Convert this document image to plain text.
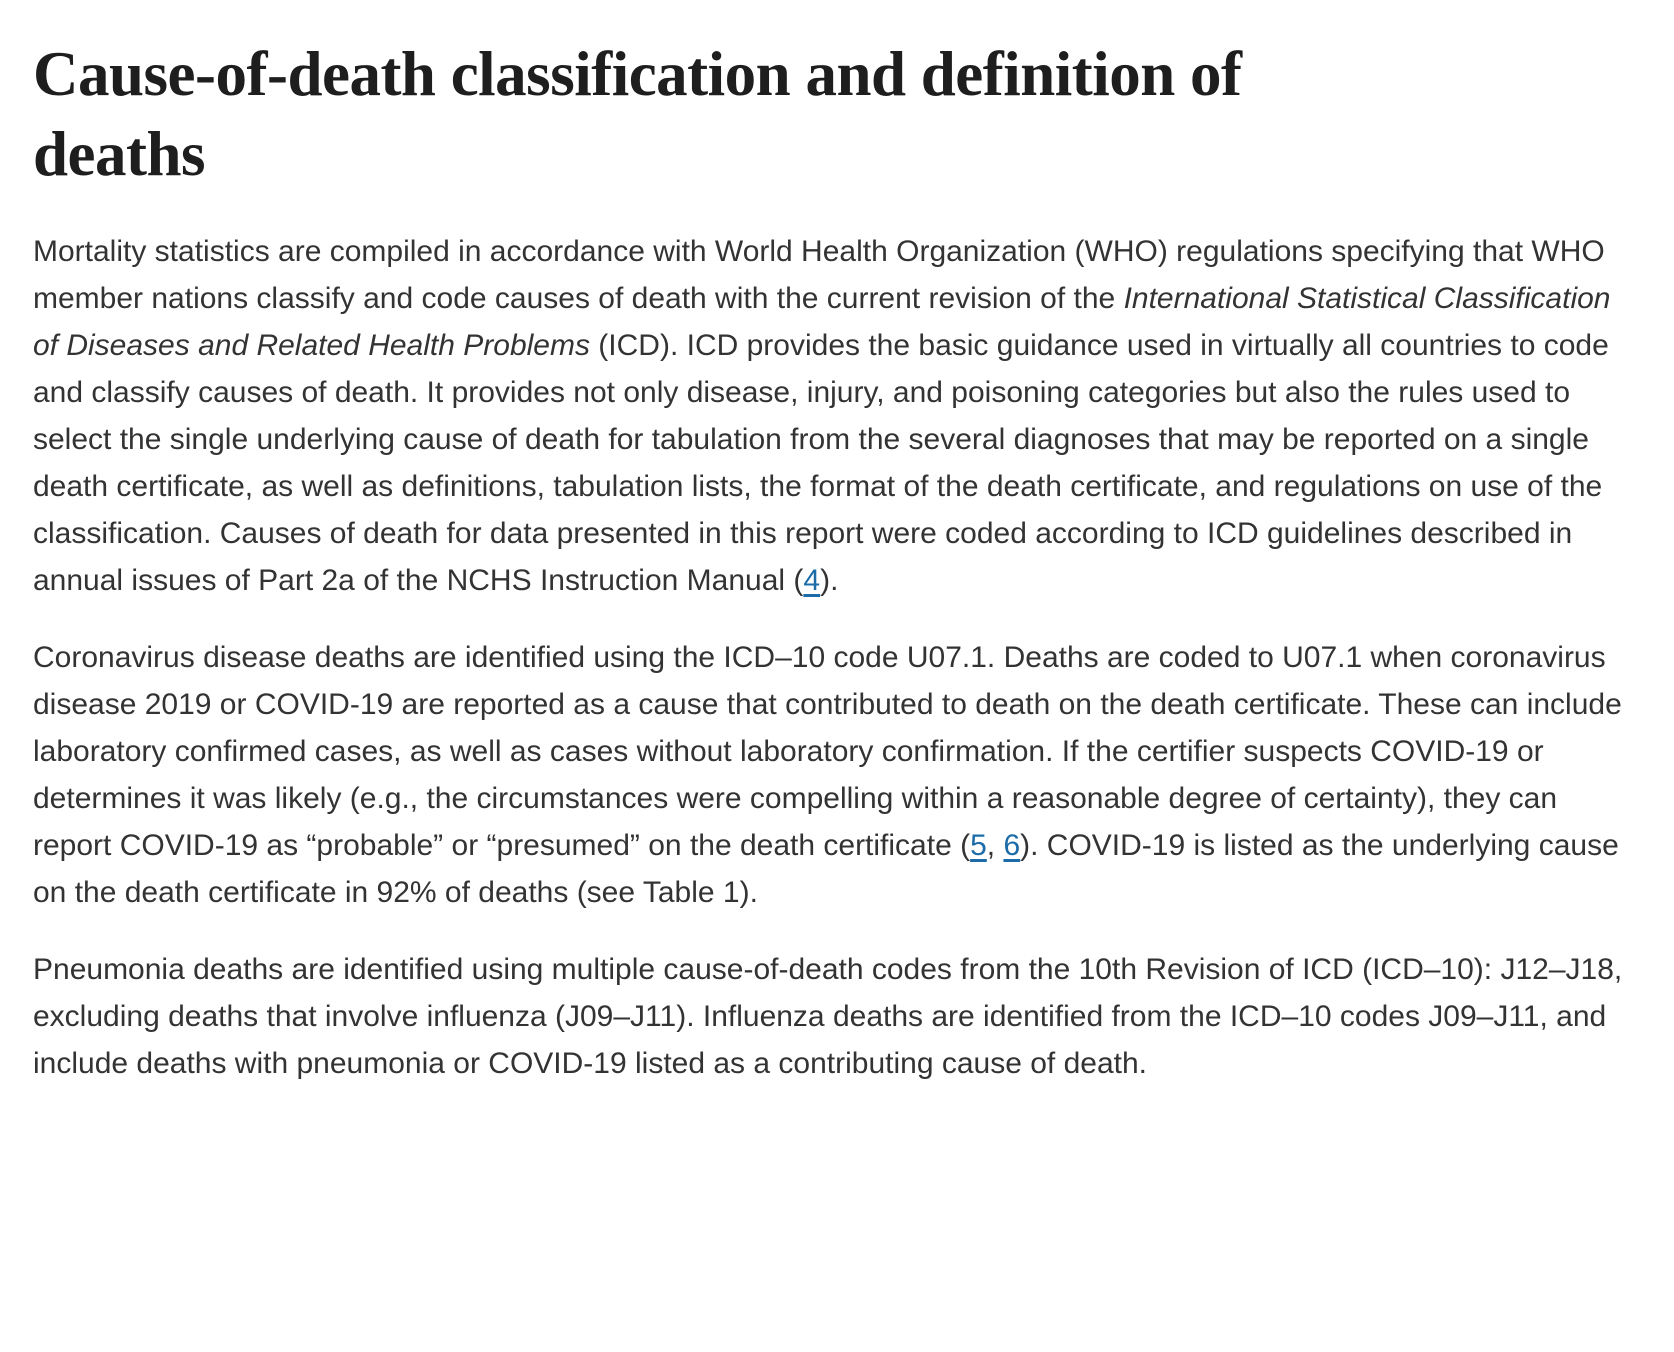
Cause-of-death classification and definition of
deaths

Mortality statistics are compiled in accordance with World Health Organization (WHO) regulations specifying that WHO member nations classify and code causes of death with the current revision of the International Statistical Classification of Diseases and Related Health Problems (ICD). ICD provides the basic guidance used in virtually all countries to code and classify causes of death. It provides not only disease, injury, and poisoning categories but also the rules used to select the single underlying cause of death for tabulation from the several diagnoses that may be reported on a single death certificate, as well as definitions, tabulation lists, the format of the death certificate, and regulations on use of the classification. Causes of death for data presented in this report were coded according to ICD guidelines described in annual issues of Part 2a of the NCHS Instruction Manual (4).

Coronavirus disease deaths are identified using the ICD–10 code U07.1. Deaths are coded to U07.1 when coronavirus disease 2019 or COVID-19 are reported as a cause that contributed to death on the death certificate. These can include laboratory confirmed cases, as well as cases without laboratory confirmation. If the certifier suspects COVID-19 or determines it was likely (e.g., the circumstances were compelling within a reasonable degree of certainty), they can report COVID-19 as “probable” or “presumed” on the death certificate (5, 6). COVID-19 is listed as the underlying cause on the death certificate in 92% of deaths (see Table 1).

Pneumonia deaths are identified using multiple cause-of-death codes from the 10th Revision of ICD (ICD–10): J12–J18, excluding deaths that involve influenza (J09–J11). Influenza deaths are identified from the ICD–10 codes J09–J11, and include deaths with pneumonia or COVID-19 listed as a contributing cause of death.
